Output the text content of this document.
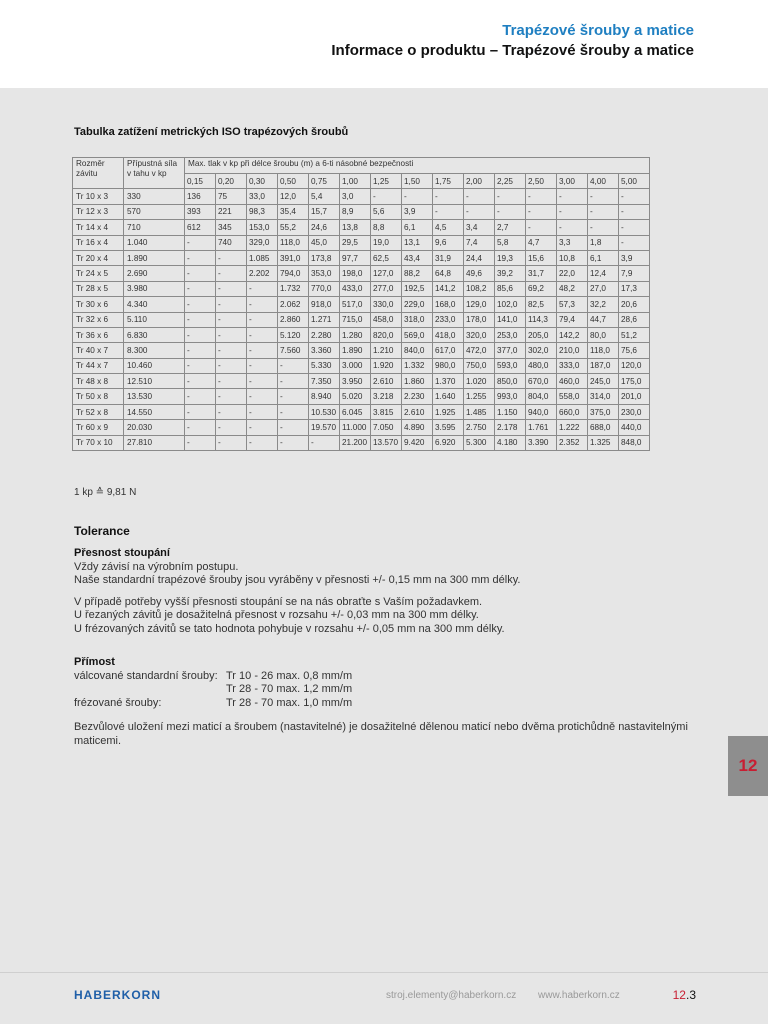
Trapézové šrouby a matice
Informace o produktu – Trapézové šrouby a matice
Tabulka zatížení metrických ISO trapézových šroubů
Rozměr závitu	Přípustná síla v tahu v kp	Max. tlak v kp při délce šroubu (m) a 6-ti násobné bezpečnosti														
		0,15	0,20	0,30	0,50	0,75	1,00	1,25	1,50	1,75	2,00	2,25	2,50	3,00	4,00	5,00
Tr 10 x 3	330	136	75	33,0	12,0	5,4	3,0	-	-	-	-	-	-	-	-	-
Tr 12 x 3	570	393	221	98,3	35,4	15,7	8,9	5,6	3,9	-	-	-	-	-	-	-
Tr 14 x 4	710	612	345	153,0	55,2	24,6	13,8	8,8	6,1	4,5	3,4	2,7	-	-	-	-
Tr 16 x 4	1.040	-	740	329,0	118,0	45,0	29,5	19,0	13,1	9,6	7,4	5,8	4,7	3,3	1,8	-
Tr 20 x 4	1.890	-	-	1.085	391,0	173,8	97,7	62,5	43,4	31,9	24,4	19,3	15,6	10,8	6,1	3,9
Tr 24 x 5	2.690	-	-	2.202	794,0	353,0	198,0	127,0	88,2	64,8	49,6	39,2	31,7	22,0	12,4	7,9
Tr 28 x 5	3.980	-	-	-	1.732	770,0	433,0	277,0	192,5	141,2	108,2	85,6	69,2	48,2	27,0	17,3
Tr 30 x 6	4.340	-	-	-	2.062	918,0	517,0	330,0	229,0	168,0	129,0	102,0	82,5	57,3	32,2	20,6
Tr 32 x 6	5.110	-	-	-	2.860	1.271	715,0	458,0	318,0	233,0	178,0	141,0	114,3	79,4	44,7	28,6
Tr 36 x 6	6.830	-	-	-	5.120	2.280	1.280	820,0	569,0	418,0	320,0	253,0	205,0	142,2	80,0	51,2
Tr 40 x 7	8.300	-	-	-	7.560	3.360	1.890	1.210	840,0	617,0	472,0	377,0	302,0	210,0	118,0	75,6
Tr 44 x 7	10.460	-	-	-	-	5.330	3.000	1.920	1.332	980,0	750,0	593,0	480,0	333,0	187,0	120,0
Tr 48 x 8	12.510	-	-	-	-	7.350	3.950	2.610	1.860	1.370	1.020	850,0	670,0	460,0	245,0	175,0
Tr 50 x 8	13.530	-	-	-	-	8.940	5.020	3.218	2.230	1.640	1.255	993,0	804,0	558,0	314,0	201,0
Tr 52 x 8	14.550	-	-	-	-	10.530	6.045	3.815	2.610	1.925	1.485	1.150	940,0	660,0	375,0	230,0
Tr 60 x 9	20.030	-	-	-	-	19.570	11.000	7.050	4.890	3.595	2.750	2.178	1.761	1.222	688,0	440,0
Tr 70 x 10	27.810	-	-	-	-	-	21.200	13.570	9.420	6.920	5.300	4.180	3.390	2.352	1.325	848,0
1 kp ≙ 9,81 N
Tolerance
Přesnost stoupání
Vždy závisí na výrobním postupu.
Naše standardní trapézové šrouby jsou vyráběny v přesnosti +/- 0,15 mm na 300 mm délky.
V případě potřeby vyšší přesnosti stoupání se na nás obraťte s Vaším požadavkem.
U řezaných závitů je dosažitelná přesnost v rozsahu +/- 0,03 mm na 300 mm délky.
U frézovaných závitů se tato hodnota pohybuje v rozsahu +/- 0,05 mm na 300 mm délky.
Přímost
válcované standardní šrouby: Tr 10 - 26 max. 0,8 mm/m
Tr 28 - 70 max. 1,2 mm/m
frézované šrouby:	Tr 28 - 70 max. 1,0 mm/m
Bezvůlové uložení mezi maticí a šroubem (nastavitelné) je dosažitelné dělenou maticí nebo dvěma protichůdně nastavitelnými maticemi.
12
HABERKORN	stroj.elementy@haberkorn.cz www.haberkorn.cz	12.3
